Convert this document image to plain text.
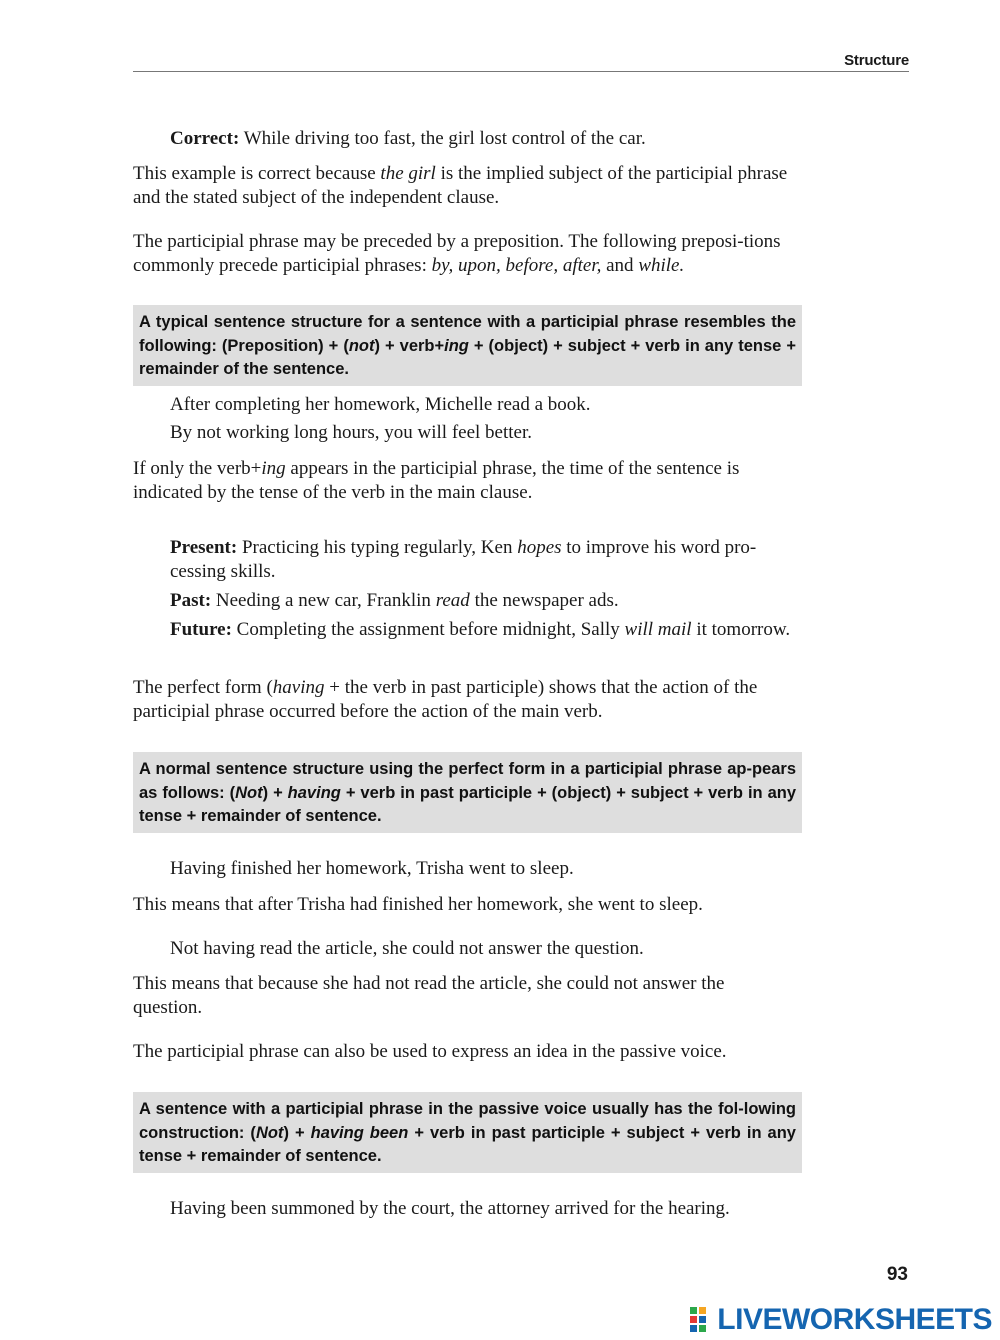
Structure

Correct: While driving too fast, the girl lost control of the car.

This example is correct because the girl is the implied subject of the participial phrase and the stated subject of the independent clause.

The participial phrase may be preceded by a preposition. The following preposi-tions commonly precede participial phrases: by, upon, before, after, and while.

A typical sentence structure for a sentence with a participial phrase resembles the following: (Preposition) + (not) + verb+ing + (object) + subject + verb in any tense + remainder of the sentence.

After completing her homework, Michelle read a book.

By not working long hours, you will feel better.

If only the verb+ing appears in the participial phrase, the time of the sentence is indicated by the tense of the verb in the main clause.

Present: Practicing his typing regularly, Ken hopes to improve his word pro-cessing skills.

Past: Needing a new car, Franklin read the newspaper ads.

Future: Completing the assignment before midnight, Sally will mail it tomorrow.

The perfect form (having + the verb in past participle) shows that the action of the participial phrase occurred before the action of the main verb.

A normal sentence structure using the perfect form in a participial phrase ap-pears as follows: (Not) + having + verb in past participle + (object) + subject + verb in any tense + remainder of sentence.

Having finished her homework, Trisha went to sleep.

This means that after Trisha had finished her homework, she went to sleep.

Not having read the article, she could not answer the question.

This means that because she had not read the article, she could not answer the question.

The participial phrase can also be used to express an idea in the passive voice.

A sentence with a participial phrase in the passive voice usually has the fol-lowing construction: (Not) + having been + verb in past participle + subject + verb in any tense + remainder of sentence.

Having been summoned by the court, the attorney arrived for the hearing.

93
LIVEWORKSHEETS
